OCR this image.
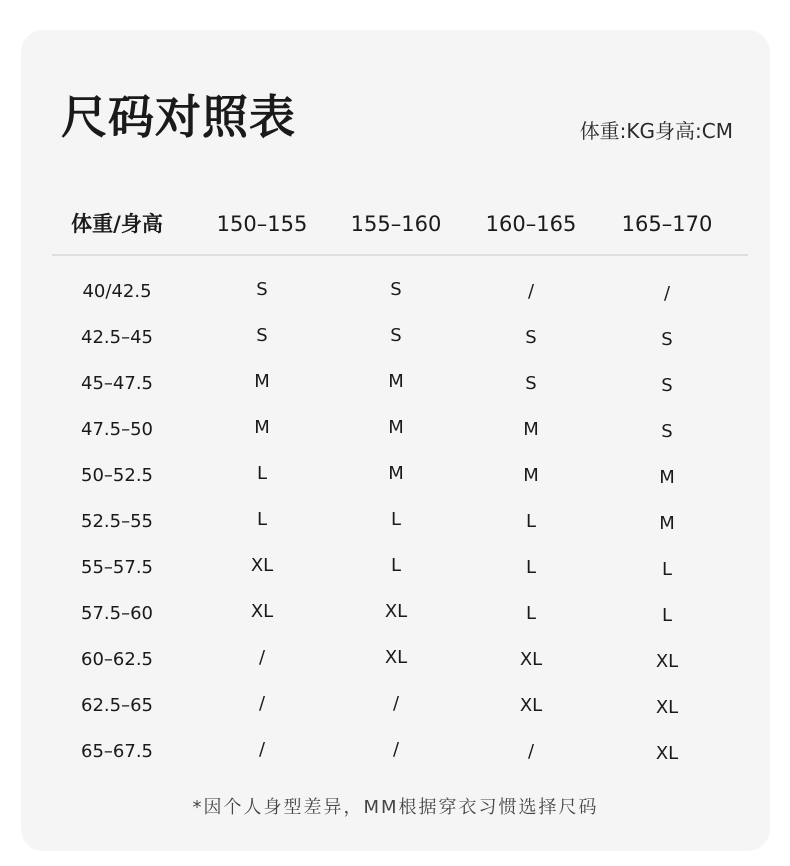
尺码对照表	体重:KG身高:CM
体重/身高	150–155 155–160 160–165 165–170
40/42.5	S	S	/	/
42.5–45	S	S	S	S
45–47.5	M	M	S	S
47.5–50	M	M	M	S
50–52.5	L	M	M	M
52.5–55	L	L	L	M
55–57.5	XL	L	L	L
57.5–60	XL	XL	L	L
60–62.5	/	XL	XL	XL
62.5–65	/	/	XL	XL
65–67.5	/	/	/	XL
*因个人身型差异，MM根据穿衣习惯选择尺码
